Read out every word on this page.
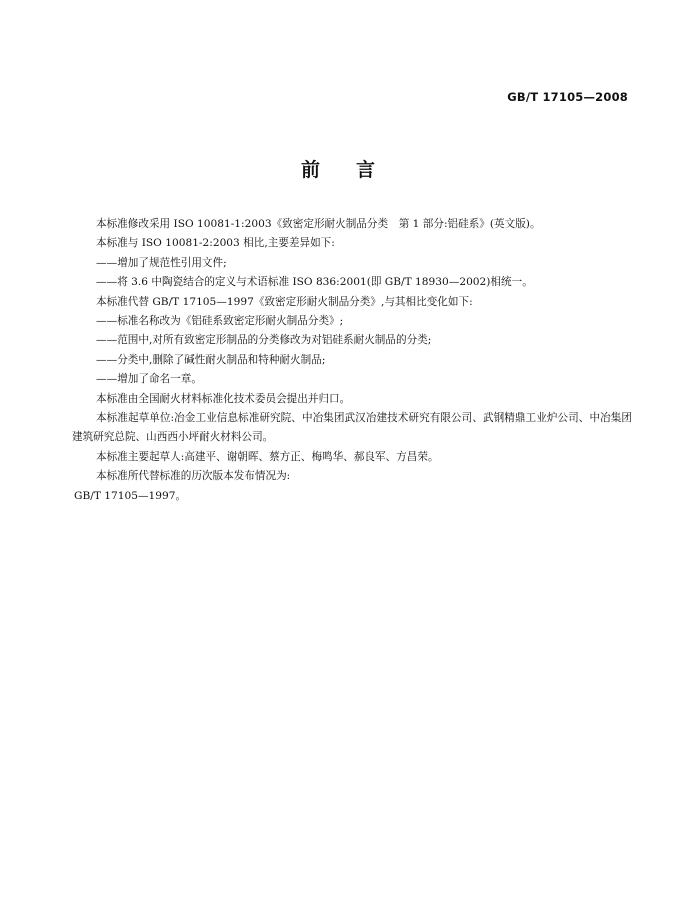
GB/T 17105—2008
前言

本标准修改采用 ISO 10081-1:2003《致密定形耐火制品分类　第 1 部分:铝硅系》(英文版)。

本标准与 ISO 10081-2:2003 相比,主要差异如下:

——增加了规范性引用文件;

——将 3.6 中陶瓷结合的定义与术语标准 ISO 836:2001(即 GB/T 18930—2002)相统一。

本标准代替 GB/T 17105—1997《致密定形耐火制品分类》,与其相比变化如下:

——标准名称改为《铝硅系致密定形耐火制品分类》;

——范围中,对所有致密定形制品的分类修改为对铝硅系耐火制品的分类;

——分类中,删除了碱性耐火制品和特种耐火制品;

——增加了命名一章。

本标准由全国耐火材料标准化技术委员会提出并归口。

本标准起草单位:冶金工业信息标准研究院、中冶集团武汉冶建技术研究有限公司、武钢精鼎工业炉公司、中冶集团建筑研究总院、山西西小坪耐火材料公司。

本标准主要起草人:高建平、谢朝晖、蔡方正、梅鸣华、郝良军、方昌荣。

本标准所代替标准的历次版本发布情况为:

GB/T 17105—1997。
